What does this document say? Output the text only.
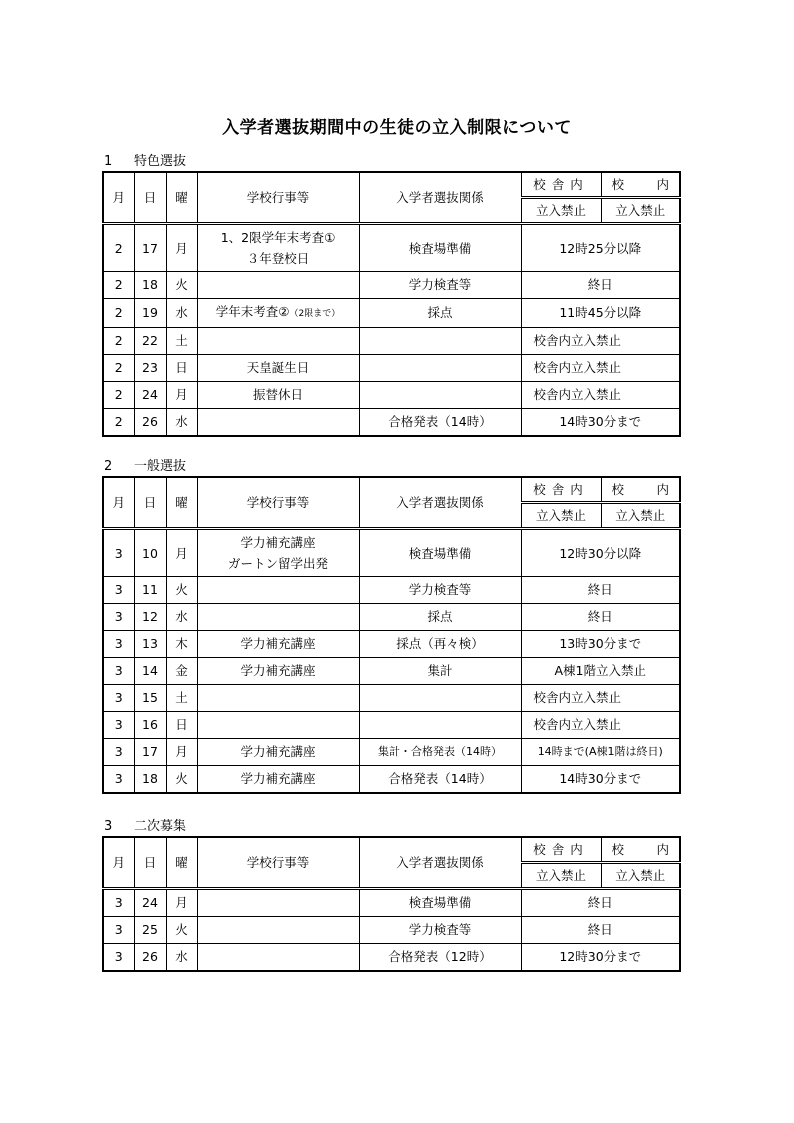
入学者選抜期間中の生徒の立入制限について
1 特色選抜
月	日	曜	学校行事等	入学者選抜関係	校舎内	校 内

					立入禁止	立入禁止
2	17	月	1、2限学年末考査①
３年登校日	検査場準備	12時25分以降	
2	18	火		学力検査等	終日	
2	19	水	学年末考査②（2限まで）	採点	11時45分以降	
2	22	土			校舎内立入禁止	
2	23	日	天皇誕生日		校舎内立入禁止	
2	24	月	振替休日		校舎内立入禁止	
2	26	水		合格発表（14時）	14時30分まで	
2 一般選抜
月	日	曜	学校行事等	入学者選抜関係	校舎内	校 内

					立入禁止	立入禁止
3	10	月	学力補充講座
ガートン留学出発	検査場準備	12時30分以降	
3	11	火		学力検査等	終日	
3	12	水		採点	終日	
3	13	木	学力補充講座	採点（再々検）	13時30分まで	
3	14	金	学力補充講座	集計	A棟1階立入禁止	
3	15	土			校舎内立入禁止	
3	16	日			校舎内立入禁止	
3	17	月	学力補充講座	集計・合格発表（14時）	14時まで(A棟1階は終日)	
3	18	火	学力補充講座	合格発表（14時）	14時30分まで	
3 二次募集
月	日	曜	学校行事等	入学者選抜関係	校舎内	校 内

					立入禁止	立入禁止
3	24	月		検査場準備	終日	
3	25	火		学力検査等	終日	
3	26	水		合格発表（12時）	12時30分まで	
